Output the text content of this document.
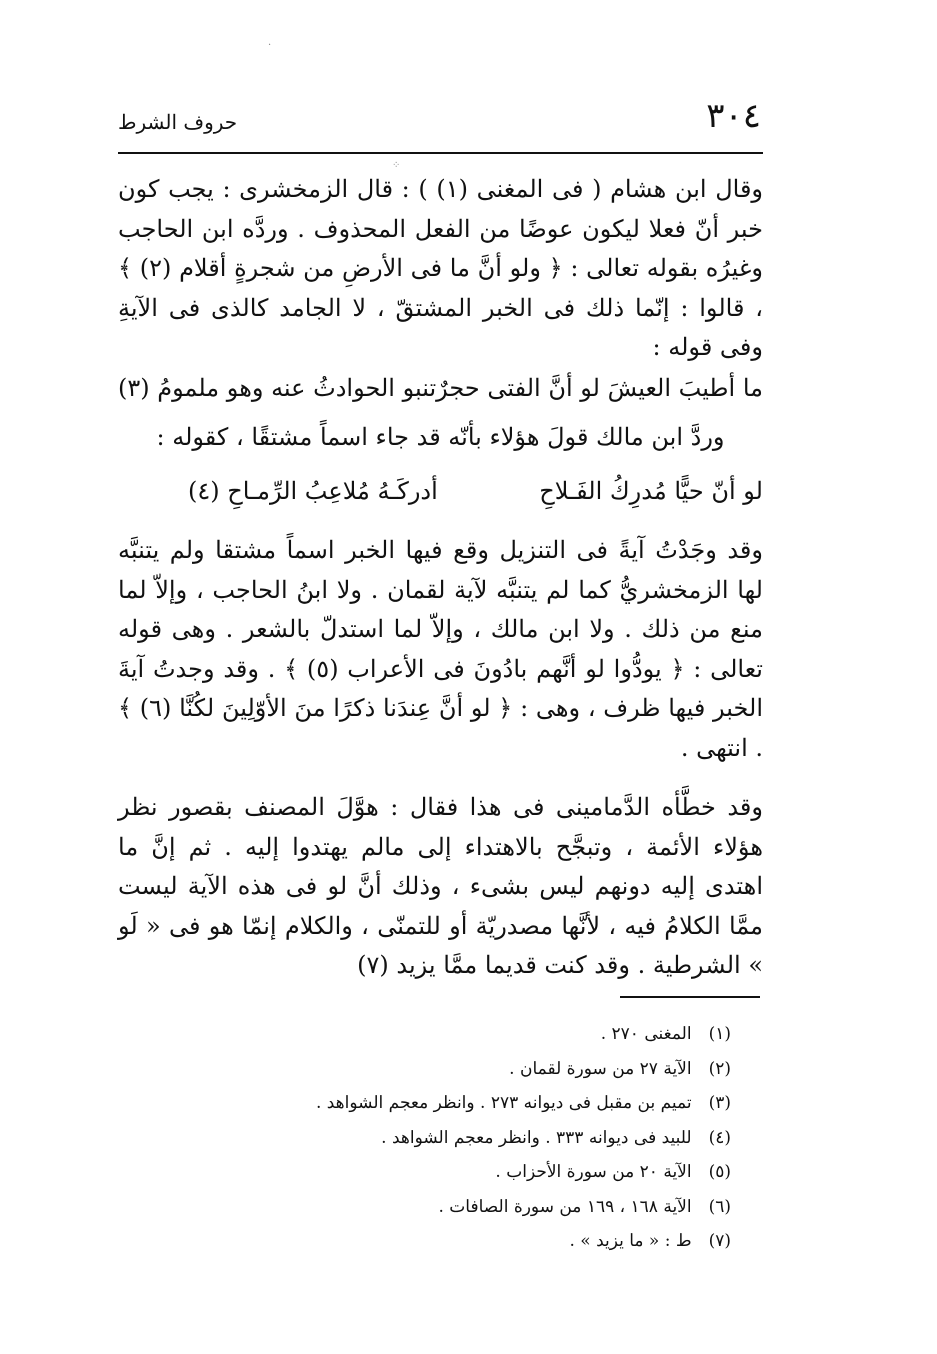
٣٠٤
حروف الشرط

وقال ابن هشام ( فى المغنى (١) ) : قال الزمخشرى : يجب كون خبر أنّ فعلا ليكون عوضًا من الفعل المحذوف . وردَّه ابن الحاجب وغيرُه بقوله تعالى : ﴿ ولو أنَّ ما فى الأرضِ من شجرةٍ أقلام (٢) ﴾ ، قالوا : إنّما ذلك فى الخبر المشتقّ ، لا الجامد كالذى فى الآيةِ وفى قوله :

ما أطيبَ العيشَ لو أنَّ الفتى حجرٌ
تنبو الحوادثُ عنه وهو ملمومُ (٣)

وردَّ ابن مالك قولَ هؤلاء بأنّه قد جاء اسماً مشتقًا ، كقوله :

لو أنّ حيًّا مُدرِكُ الفَـلاحِ
أدركَـهُ مُلاعِبُ الرِّمـاحِ (٤)

وقد وجَدْتُ آيةً فى التنزيل وقع فيها الخبر اسماً مشتقا ولم يتنبَّه لها الزمخشريُّ كما لم يتنبَّه لآية لقمان . ولا ابنُ الحاجب ، وإلاّ لما منع من ذلك . ولا ابن مالك ، وإلاّ لما استدلّ بالشعر . وهى قوله تعالى : ﴿ يودُّوا لو أنَّهم بادُونَ فى الأعراب (٥) ﴾ . وقد وجدتُ آيةَ الخبر فيها ظرف ، وهى : ﴿ لو أنَّ عِندَنا ذكرًا منَ الأوّلِينَ لكُنَّا (٦) ﴾ . انتهى .

وقد خطَّأه الدَّمامينى فى هذا فقال : هوَّلَ المصنف بقصور نظر هؤلاء الأئمة ، وتبجَّح بالاهتداء إلى مالم يهتدوا إليه . ثم إنَّ ما اهتدى إليه دونهم ليس بشىء ، وذلك أنَّ لو فى هذه الآية ليست ممَّا الكلامُ فيه ، لأنَّها مصدريّة أو للتمنّى ، والكلام إنمّا هو فى « لَو » الشرطية . وقد كنت قديما ممَّا يزيد (٧)

(١) المغنى ٢٧٠ .
(٢) الآية ٢٧ من سورة لقمان .
(٣) تميم بن مقبل فى ديوانه ٢٧٣ . وانظر معجم الشواهد .
(٤) للبيد فى ديوانه ٣٣٣ . وانظر معجم الشواهد .
(٥) الآية ٢٠ من سورة الأحزاب .
(٦) الآية ١٦٨ ، ١٦٩ من سورة الصافات .
(٧) ط : « ما يزيد » .
·
⁘
